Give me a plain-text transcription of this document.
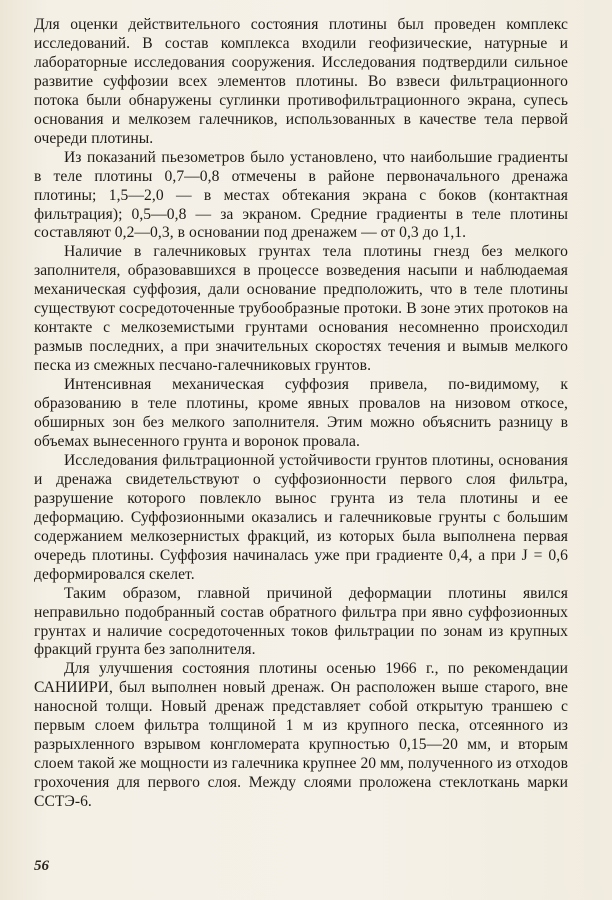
Для оценки действительного состояния плотины был проведен комплекс исследований. В состав комплекса входили геофизические, натурные и лабораторные исследования сооружения. Исследования подтвердили сильное развитие суффозии всех элементов плотины. Во взвеси фильтрационного потока были обнаружены суглинки противофильтрационного экрана, супесь основания и мелкозем галечников, использованных в качестве тела первой очереди плотины.

Из показаний пьезометров было установлено, что наибольшие градиенты в теле плотины 0,7—0,8 отмечены в районе первоначального дренажа плотины; 1,5—2,0 — в местах обтекания экрана с боков (контактная фильтрация); 0,5—0,8 — за экраном. Средние градиенты в теле плотины составляют 0,2—0,3, в основании под дренажем — от 0,3 до 1,1.

Наличие в галечниковых грунтах тела плотины гнезд без мелкого заполнителя, образовавшихся в процессе возведения насыпи и наблюдаемая механическая суффозия, дали основание предположить, что в теле плотины существуют сосредоточенные трубообразные протоки. В зоне этих протоков на контакте с мелкоземистыми грунтами основания несомненно происходил размыв последних, а при значительных скоростях течения и вымыв мелкого песка из смежных песчано-галечниковых грунтов.

Интенсивная механическая суффозия привела, по-видимому, к образованию в теле плотины, кроме явных провалов на низовом откосе, обширных зон без мелкого заполнителя. Этим можно объяснить разницу в объемах вынесенного грунта и воронок провала.

Исследования фильтрационной устойчивости грунтов плотины, основания и дренажа свидетельствуют о суффозионности первого слоя фильтра, разрушение которого повлекло вынос грунта из тела плотины и ее деформацию. Суффозионными оказались и галечниковые грунты с большим содержанием мелкозернистых фракций, из которых была выполнена первая очередь плотины. Суффозия начиналась уже при градиенте 0,4, а при J = 0,6 деформировался скелет.

Таким образом, главной причиной деформации плотины явился неправильно подобранный состав обратного фильтра при явно суффозионных грунтах и наличие сосредоточенных токов фильтрации по зонам из крупных фракций грунта без заполнителя.

Для улучшения состояния плотины осенью 1966 г., по рекомендации САНИИРИ, был выполнен новый дренаж. Он расположен выше старого, вне наносной толщи. Новый дренаж представляет собой открытую траншею с первым слоем фильтра толщиной 1 м из крупного песка, отсеянного из разрыхленного взрывом конгломерата крупностью 0,15—20 мм, и вторым слоем такой же мощности из галечника крупнее 20 мм, полученного из отходов грохочения для первого слоя. Между слоями проложена стеклоткань марки ССТЭ-6.

56
